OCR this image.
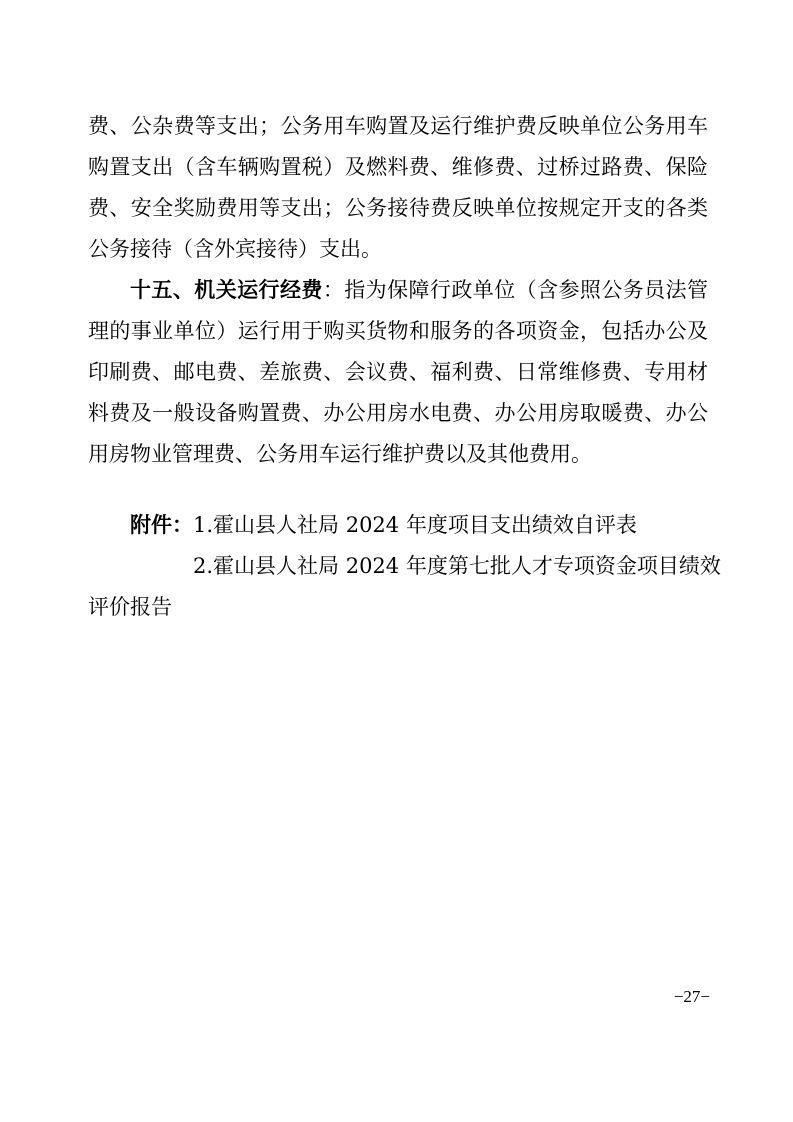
费、公杂费等支出；公务用车购置及运行维护费反映单位公务用车
购置支出（含车辆购置税）及燃料费、维修费、过桥过路费、保险
费、安全奖励费用等支出；公务接待费反映单位按规定开支的各类
公务接待（含外宾接待）支出。
十五、机关运行经费：指为保障行政单位（含参照公务员法管
理的事业单位）运行用于购买货物和服务的各项资金，包括办公及
印刷费、邮电费、差旅费、会议费、福利费、日常维修费、专用材
料费及一般设备购置费、办公用房水电费、办公用房取暖费、办公
用房物业管理费、公务用车运行维护费以及其他费用。
附件：1.霍山县人社局 2024 年度项目支出绩效自评表
2.霍山县人社局 2024 年度第七批人才专项资金项目绩效
评价报告
−27−
